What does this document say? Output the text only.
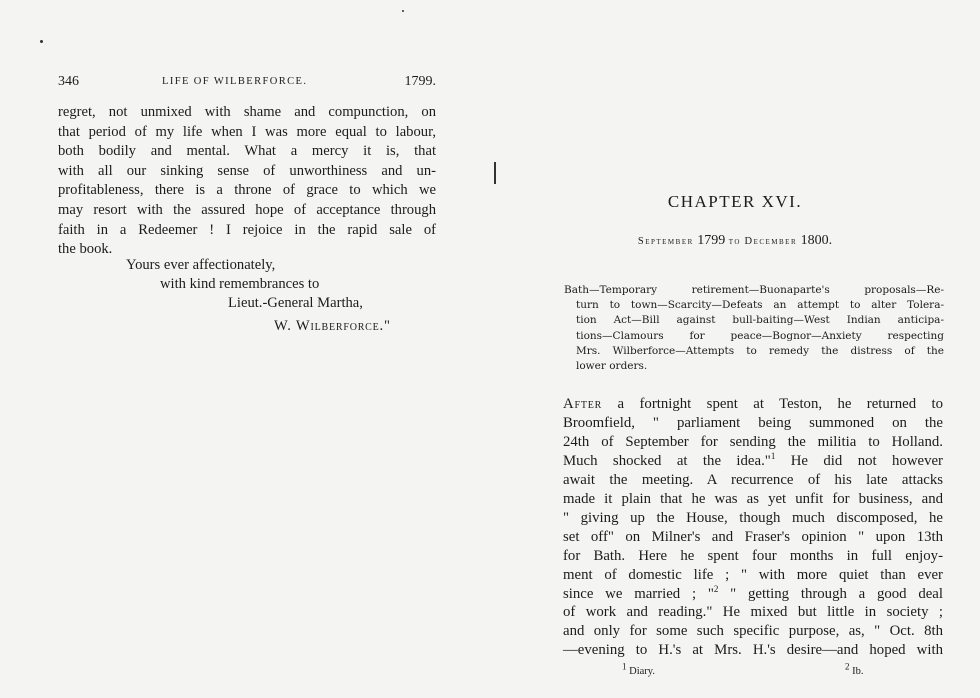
346	LIFE OF WILBERFORCE.	1799.
regret, not unmixed with shame and compunction, on
that period of my life when I was more equal to labour,
both bodily and mental. What a mercy it is, that
with all our sinking sense of unworthiness and un-
profitableness, there is a throne of grace to which we
may resort with the assured hope of acceptance through
faith in a Redeemer ! I rejoice in the rapid sale of
the book.
Yours ever affectionately,
with kind remembrances to
Lieut.-General Martha,
W. Wilberforce."
CHAPTER XVI.
September 1799 to December 1800.
Bath—Temporary retirement—Buonaparte's proposals—Re-
turn to town—Scarcity—Defeats an attempt to alter Tolera-
tion Act—Bill against bull-baiting—West Indian anticipa-
tions—Clamours for peace—Bognor—Anxiety respecting
Mrs. Wilberforce—Attempts to remedy the distress of the
lower orders.
After a fortnight spent at Teston, he returned to
Broomfield, " parliament being summoned on the
24th of September for sending the militia to Holland.
Much shocked at the idea."$^1$ He did not however
await the meeting. A recurrence of his late attacks
made it plain that he was as yet unfit for business, and
" giving up the House, though much discomposed, he
set off" on Milner's and Fraser's opinion " upon 13th
for Bath. Here he spent four months in full enjoy-
ment of domestic life ; " with more quiet than ever
since we married ; "$^2$ " getting through a good deal
of work and reading." He mixed but little in society ;
and only for some such specific purpose, as, " Oct. 8th
—evening to H.'s at Mrs. H.'s desire—and hoped with
1 Diary.	2 Ib.
